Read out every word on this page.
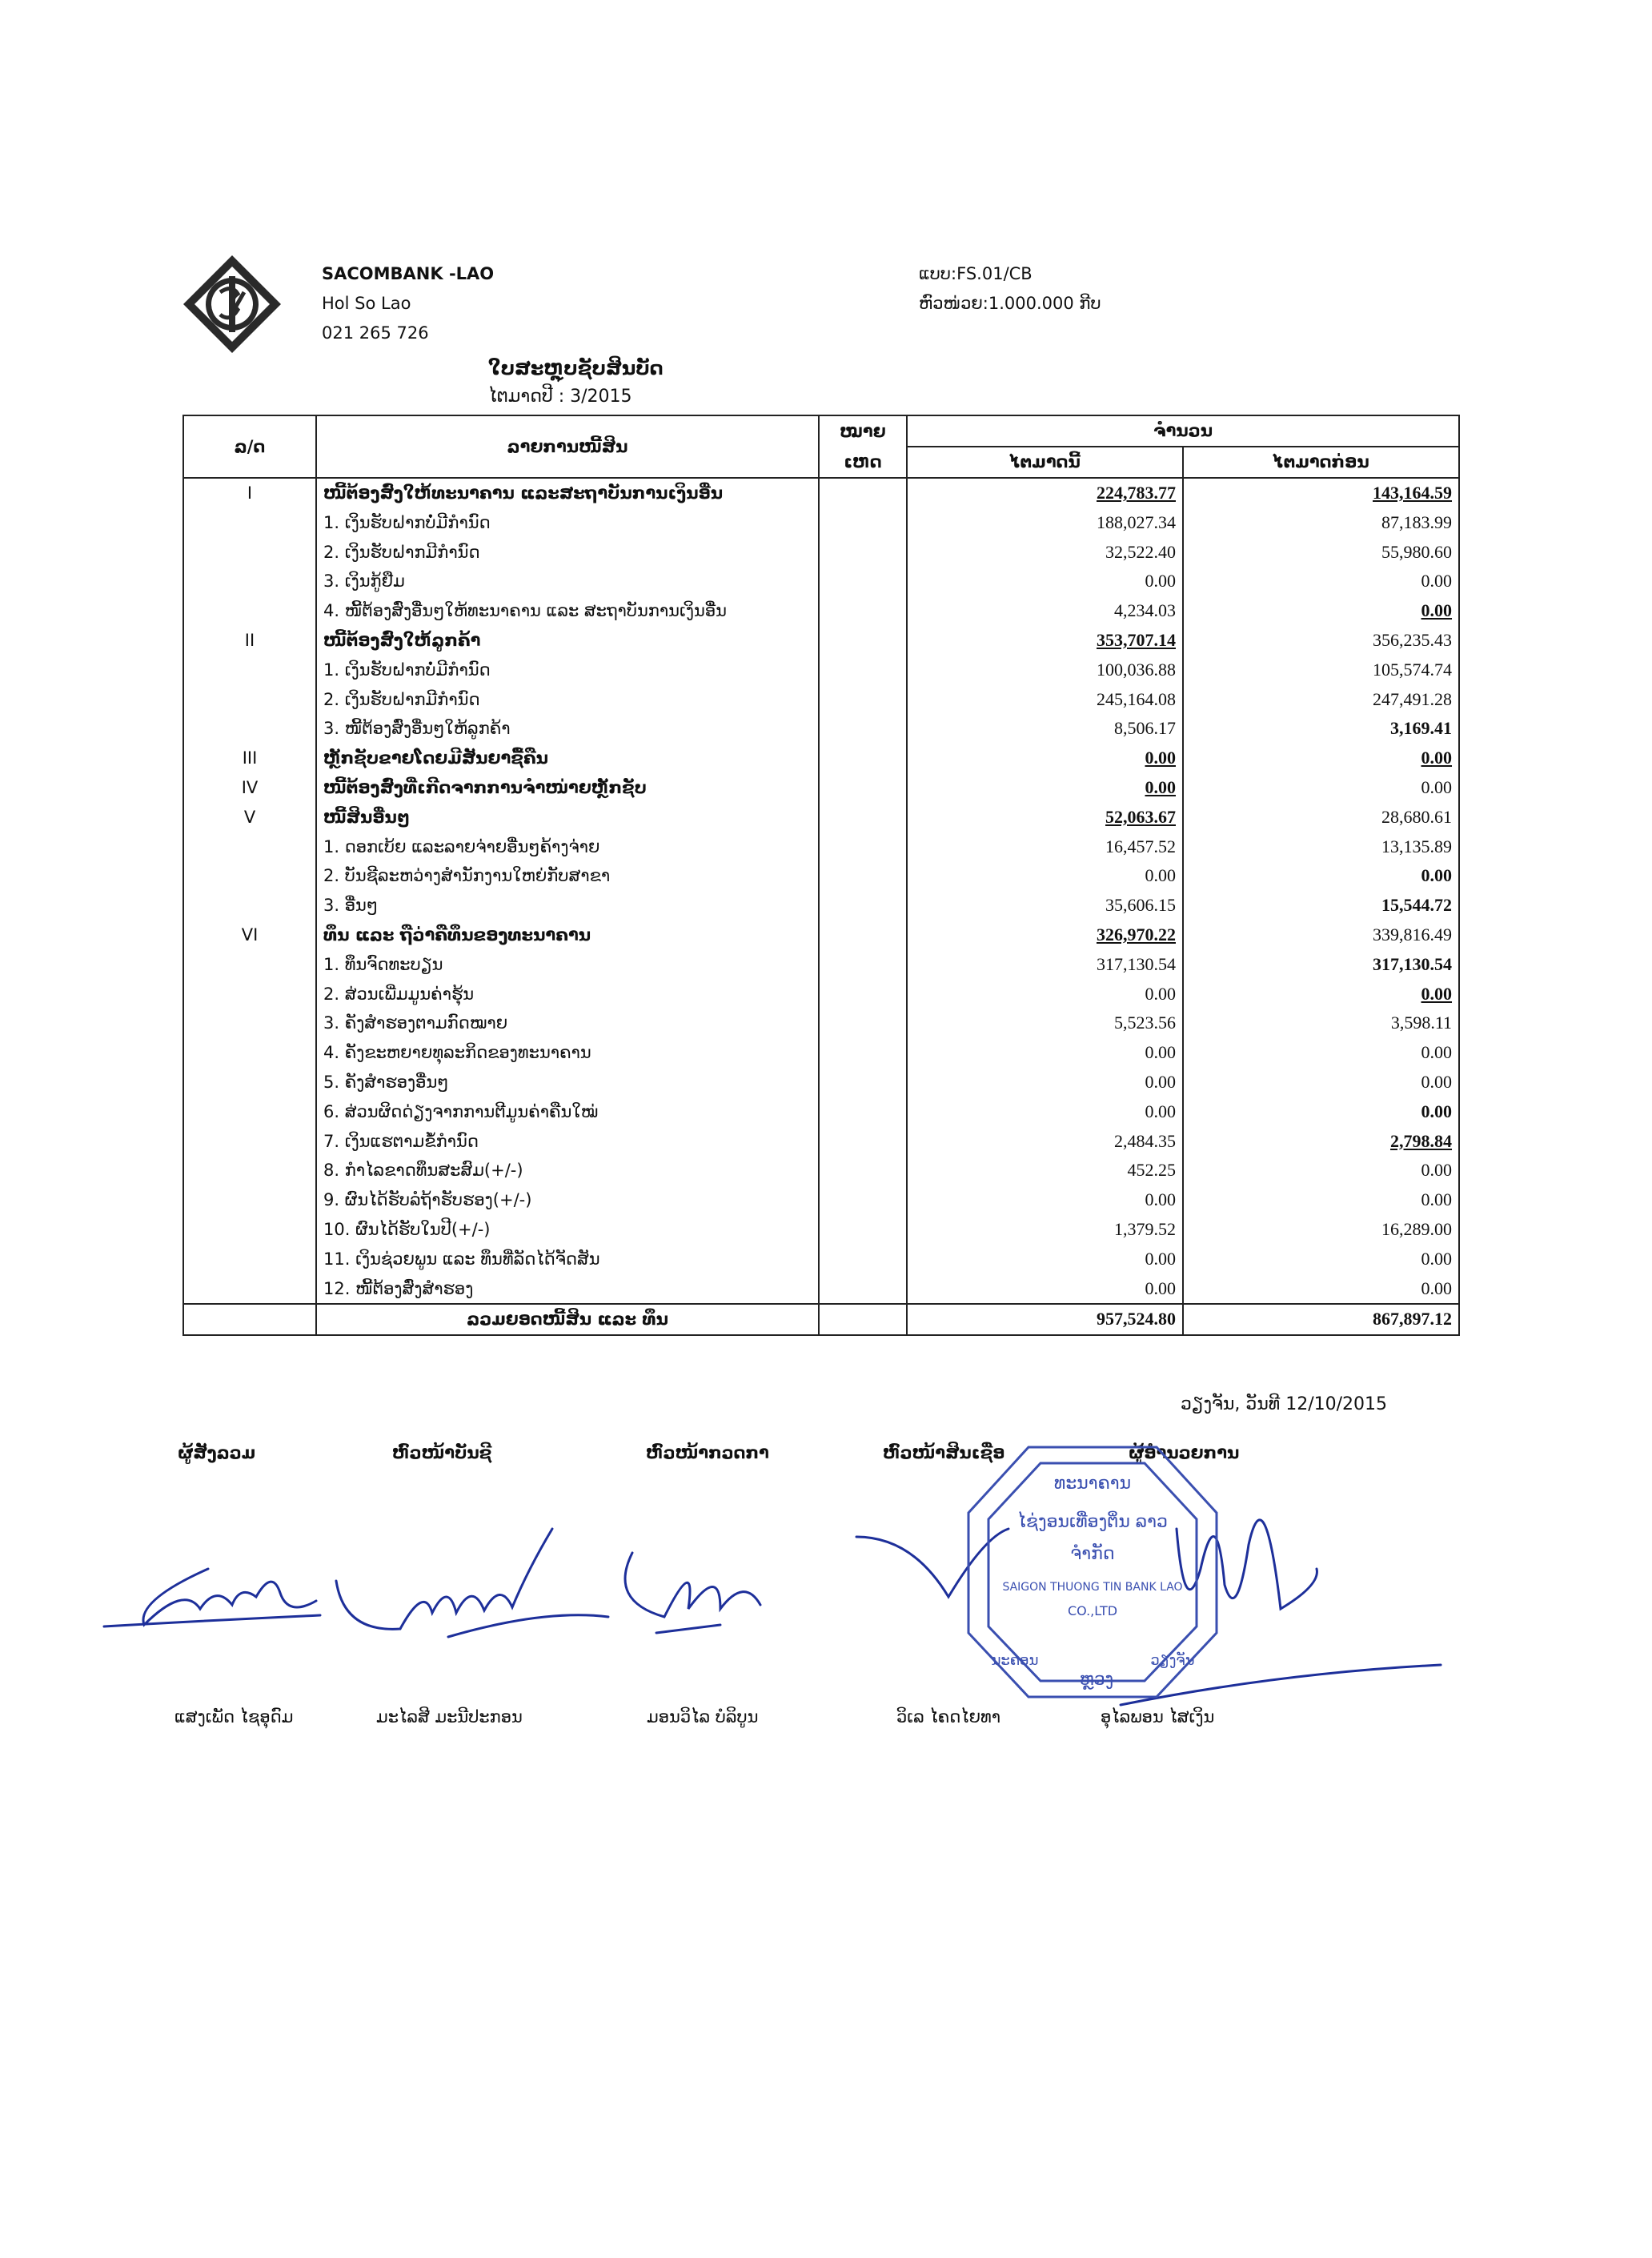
SACOMBANK -LAO
Hol So Lao
021 265 726
ແບບ:FS.01/CB
ຫົວໜ່ວຍ:1.000.000 ກີບ
ໃບສະຫຼຸບຊັບສິນບັດ
ໄຕມາດປີ : 3/2015
ລ/ດ	ລາຍການໜີ້ສິນ	ໝາຍ	ຈຳນວນ	
		ເຫດ	ໄຕມາດນີ້	ໄຕມາດກ່ອນ
I	ໜີ້ຕ້ອງສົ່ງໃຫ້ທະນາຄານ ແລະສະຖາບັນການເງິນອື່ນ		224,783.77	143,164.59
	1. ເງິນຮັບຝາກບໍ່ມີກຳນົດ		188,027.34	87,183.99
	2. ເງິນຮັບຝາກມີກຳນົດ		32,522.40	55,980.60
	3. ເງິນກູ້ຢືມ		0.00	0.00
	4. ໜີ້ຕ້ອງສົ່ງອື່ນໆໃຫ້ທະນາຄານ ແລະ ສະຖາບັນການເງິນອື່ນ		4,234.03	0.00
II	ໜີ້ຕ້ອງສົ່ງໃຫ້ລູກຄ້າ		353,707.14	356,235.43
	1. ເງິນຮັບຝາກບໍ່ມີກຳນົດ		100,036.88	105,574.74
	2. ເງິນຮັບຝາກມີກຳນົດ		245,164.08	247,491.28
	3. ໜີ້ຕ້ອງສົ່ງອື່ນໆໃຫ້ລູກຄ້າ		8,506.17	3,169.41
III	ຫຼັກຊັບຂາຍໂດຍມີສັນຍາຊື້ຄືນ		0.00	0.00
IV	ໜີ້ຕ້ອງສົ່ງທີ່ເກີດຈາກການຈຳໜ່າຍຫຼັກຊັບ		0.00	0.00
V	ໜີ້ສິນອື່ນໆ		52,063.67	28,680.61
	1. ດອກເບ້ຍ ແລະລາຍຈ່າຍອື່ນໆຄ້າງຈ່າຍ		16,457.52	13,135.89
	2. ບັນຊີລະຫວ່າງສຳນັກງານໃຫຍ່ກັບສາຂາ		0.00	0.00
	3. ອື່ນໆ		35,606.15	15,544.72
VI	ທຶນ ແລະ ຖືວ່າຄືທຶນຂອງທະນາຄານ		326,970.22	339,816.49
	1. ທຶນຈົດທະບຽນ		317,130.54	317,130.54
	2. ສ່ວນເພີ່ມມູນຄ່າຮຸ້ນ		0.00	0.00
	3. ຄັງສຳຮອງຕາມກົດໝາຍ		5,523.56	3,598.11
	4. ຄັງຂະຫຍາຍທຸລະກິດຂອງທະນາຄານ		0.00	0.00
	5. ຄັງສຳຮອງອື່ນໆ		0.00	0.00
	6. ສ່ວນຜິດດ່ຽງຈາກການຕີມູນຄ່າຄືນໃໝ່		0.00	0.00
	7. ເງິນແຮຕາມຂໍ້ກຳນົດ		2,484.35	2,798.84
	8. ກຳໄລຂາດທຶນສະສົມ(+/-)		452.25	0.00
	9. ຜົນໄດ້ຮັບລໍຖ້າຮັບຮອງ(+/-)		0.00	0.00
	10. ຜົນໄດ້ຮັບໃນປີ(+/-)		1,379.52	16,289.00
	11. ເງິນຊ່ວຍພູນ ແລະ ທຶນທີ່ລັດໄດ້ຈັດສັນ		0.00	0.00
	12. ໜີ້ຕ້ອງສົ່ງສຳຮອງ		0.00	0.00
	ລວມຍອດໜີ້ສິນ ແລະ ທຶນ		957,524.80	867,897.12
ວຽງຈັນ, ວັນທີ 12/10/2015
ຜູ້ສັງລວມ	ຫົວໜ້າບັນຊີ	ຫົວໜ້າກວດກາ	ຫົວໜ້າສິນເຊື່ອ	ຜູ້ອຳນວຍການ
ທະນາຄານ
ໄຊ່ງອນເທື່ອງຕິ່ນ ລາວ
ຈຳກັດ
SAIGON THUONG TIN BANK LAO
CO.,LTD
ນະຄອນ
ຫຼວງ
ວຽງຈັນ
ແສງເພັດ ໄຊອຸດົມ	ມະໄລສີ ມະນີປະກອນ	ມອນວິໄລ ບໍລິບູນ	ວິເລ ໄຄດໄຍທາ	ອຸໄລພອນ ໄສເງິນ
